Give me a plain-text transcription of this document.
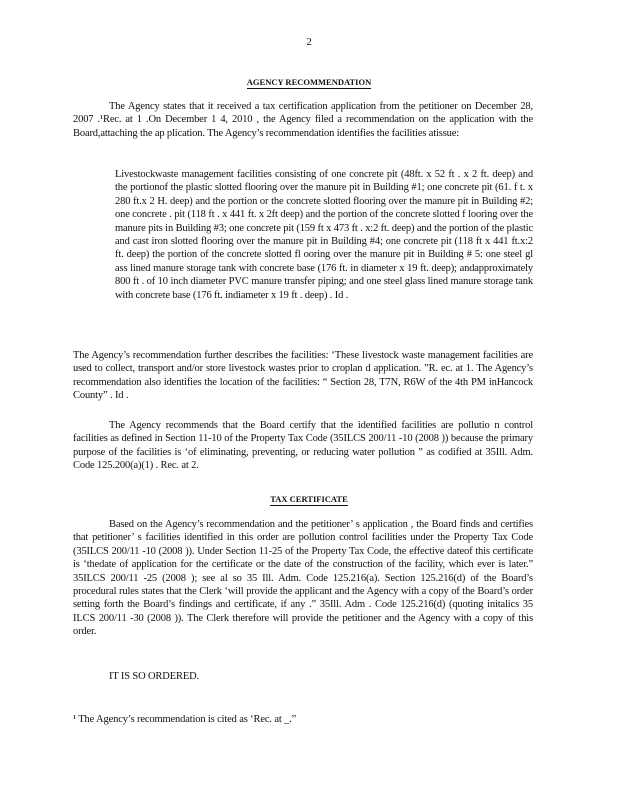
2
AGENCY RECOMMENDATION

The Agency states that it received a tax certification application from the petitioner on December 28, 2007 .¹Rec. at 1 .On December 1 4, 2010 , the Agency filed a recommendation on the application with the Board,attaching the ap plication. The Agency’s recommendation identifies the facilities atissue:

Livestockwaste management facilities consisting of one concrete pit (48ft. x 52 ft . x 2 ft. deep) and the portionof the plastic slotted flooring over the manure pit in Building #1; one concrete pit (61. f t. x 280 ft.x 2 H. deep) and the portion or the concrete slotted flooring over the manure pit in Building #2; one concrete . pit (118 ft . x 441 ft. x 2ft deep) and the portion of the concrete slotted f looring over the manure pits in Building #3; one concrete pit (159 ft x 473 ft . x:2 ft. deep) and the portion of the plastic and cast iron slotted flooring over the manure pit in Building #4; one concrete pit (118 ft x 441 ft.x:2 ft. deep) the portion of the concrete slotted fl ooring over the manure pit in Building # 5: one steel gl ass lined manure storage tank with concrete base (176 ft. in diameter x 19 ft. deep); andapproximately 800 ft . of 10 inch diameter PVC manure transfer piping; and one steel glass lined manure storage tank with concrete base (176 ft. indiameter x 19 ft . deep) . Id .

The Agency’s recommendation further describes the facilities: ‘These livestock waste management facilities are used to collect, transport and/or store livestock wastes prior to croplan d application. ”R. ec. at 1. The Agency’s recommendation also identifies the location of the facilities: “ Section 28, T7N, R6W of the 4th PM inHancock County” . Id .

The Agency recommends that the Board certify that the identified facilities are pollutio n control facilities as defined in Section 11-10 of the Property Tax Code (35ILCS 200/11 -10 (2008 )) because the primary purpose of the facilities is ‘of eliminating, preventing, or reducing water pollution ” as codified at 35Ill. Adm. Code 125.200(a)(1) . Rec. at 2.

TAX CERTIFICATE

Based on the Agency’s recommendation and the petitioner’ s application , the Board finds and certifies that petitioner’ s facilities identified in this order are pollution control facilities under the Property Tax Code (35ILCS 200/11 -10 (2008 )). Under Section 11-25 of the Property Tax Code, the effective dateof this certificate is ‘thedate of application for the certificate or the date of the construction of the facility, which ever is later.” 35ILCS 200/11 -25 (2008 ); see al so 35 Ill. Adm. Code 125.216(a). Section 125.216(d) of the Board’s procedural rules states that the Clerk ‘will provide the applicant and the Agency with a copy of the Board’s order setting forth the Board’s findings and certificate, if any .” 35Ill. Adm . Code 125.216(d) (quoting initalics 35 ILCS 200/11 -30 (2008 )). The Clerk therefore will provide the petitioner and the Agency with a copy of this order.

IT IS SO ORDERED.
¹ The Agency’s recommendation is cited as ‘Rec. at _.”
